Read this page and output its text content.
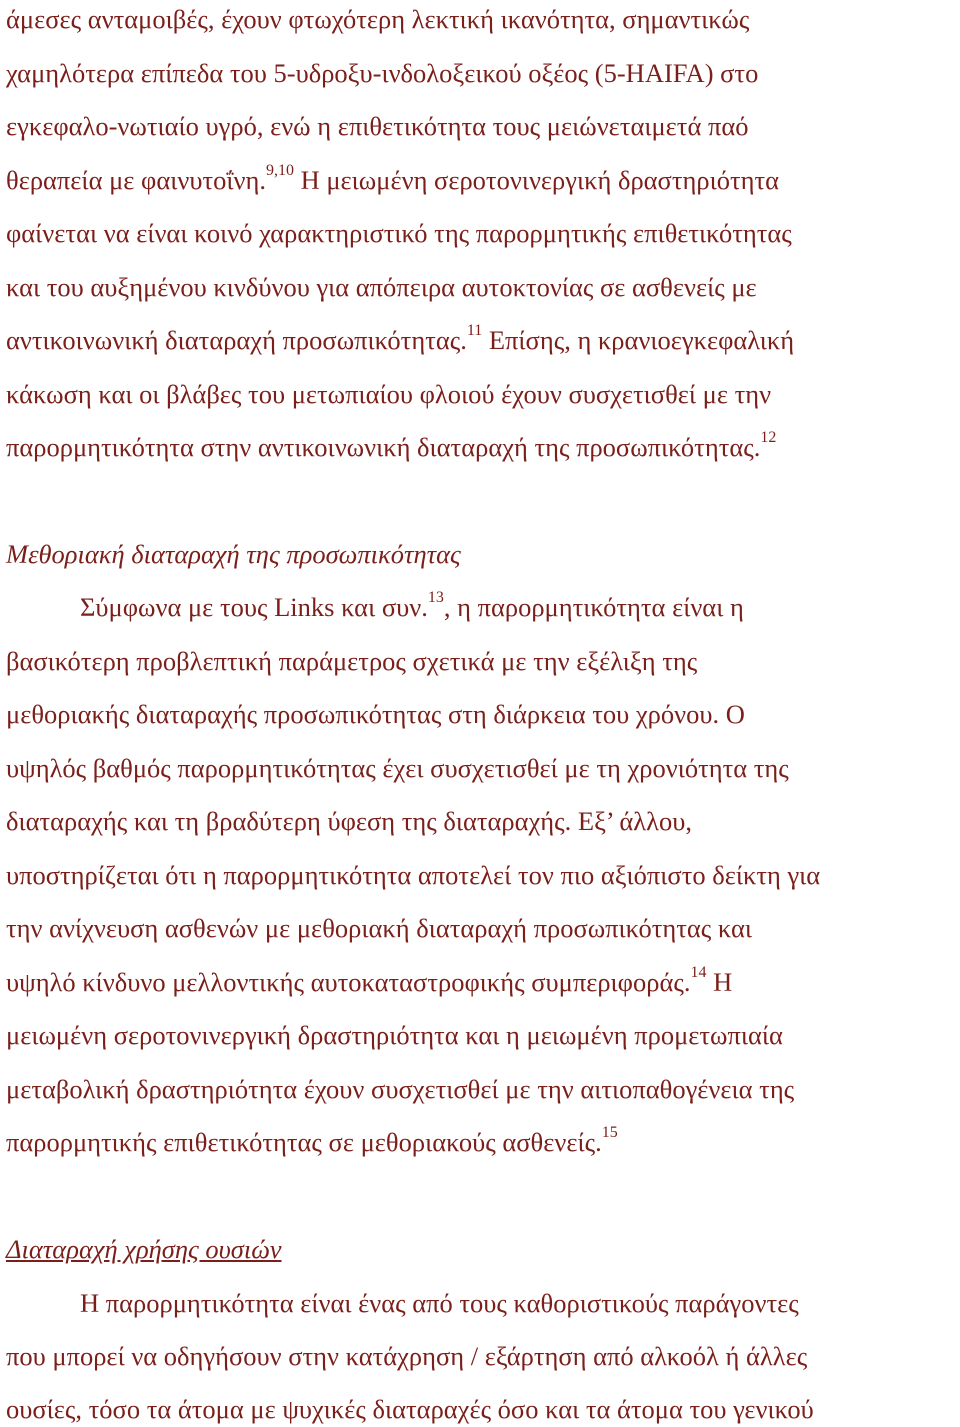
άμεσες ανταμοιβές, έχουν φτωχότερη λεκτική ικανότητα, σημαντικώς
χαμηλότερα επίπεδα του 5-υδροξυ-ινδολοξεικού οξέος (5-HAIFA) στο
εγκεφαλο-νωτιαίο υγρό, ενώ η επιθετικότητα τους μειώνεταιμετά παό
θεραπεία με φαινυτοΐνη.$^{9,10}$ Η μειωμένη σεροτονινεργική δραστηριότητα
φαίνεται να είναι κοινό χαρακτηριστικό της παρορμητικής επιθετικότητας
και του αυξημένου κινδύνου για απόπειρα αυτοκτονίας σε ασθενείς με
αντικοινωνική διαταραχή προσωπικότητας.$^{11}$ Επίσης, η κρανιοεγκεφαλική
κάκωση και οι βλάβες του μετωπιαίου φλοιού έχουν συσχετισθεί με την
παρορμητικότητα στην αντικοινωνική διαταραχή της προσωπικότητας.$^{12}$
Μεθοριακή διαταραχή της προσωπικότητας
Σύμφωνα με τους Links και συν.$^{13}$, η παρορμητικότητα είναι η
βασικότερη προβλεπτική παράμετρος σχετικά με την εξέλιξη της
μεθοριακής διαταραχής προσωπικότητας στη διάρκεια του χρόνου. Ο
υψηλός βαθμός παρορμητικότητας έχει συσχετισθεί με τη χρονιότητα της
διαταραχής και τη βραδύτερη ύφεση της διαταραχής. Εξ’ άλλου,
υποστηρίζεται ότι η παρορμητικότητα αποτελεί τον πιο αξιόπιστο δείκτη για
την ανίχνευση ασθενών με μεθοριακή διαταραχή προσωπικότητας και
υψηλό κίνδυνο μελλοντικής αυτοκαταστροφικής συμπεριφοράς.$^{14}$ Η
μειωμένη σεροτονινεργική δραστηριότητα και η μειωμένη προμετωπιαία
μεταβολική δραστηριότητα έχουν συσχετισθεί με την αιτιοπαθογένεια της
παρορμητικής επιθετικότητας σε μεθοριακούς ασθενείς.$^{15}$
Διαταραχή χρήσης ουσιών
Η παρορμητικότητα είναι ένας από τους καθοριστικούς παράγοντες
που μπορεί να οδηγήσουν στην κατάχρηση / εξάρτηση από αλκοόλ ή άλλες
ουσίες, τόσο τα άτομα με ψυχικές διαταραχές όσο και τα άτομα του γενικού
